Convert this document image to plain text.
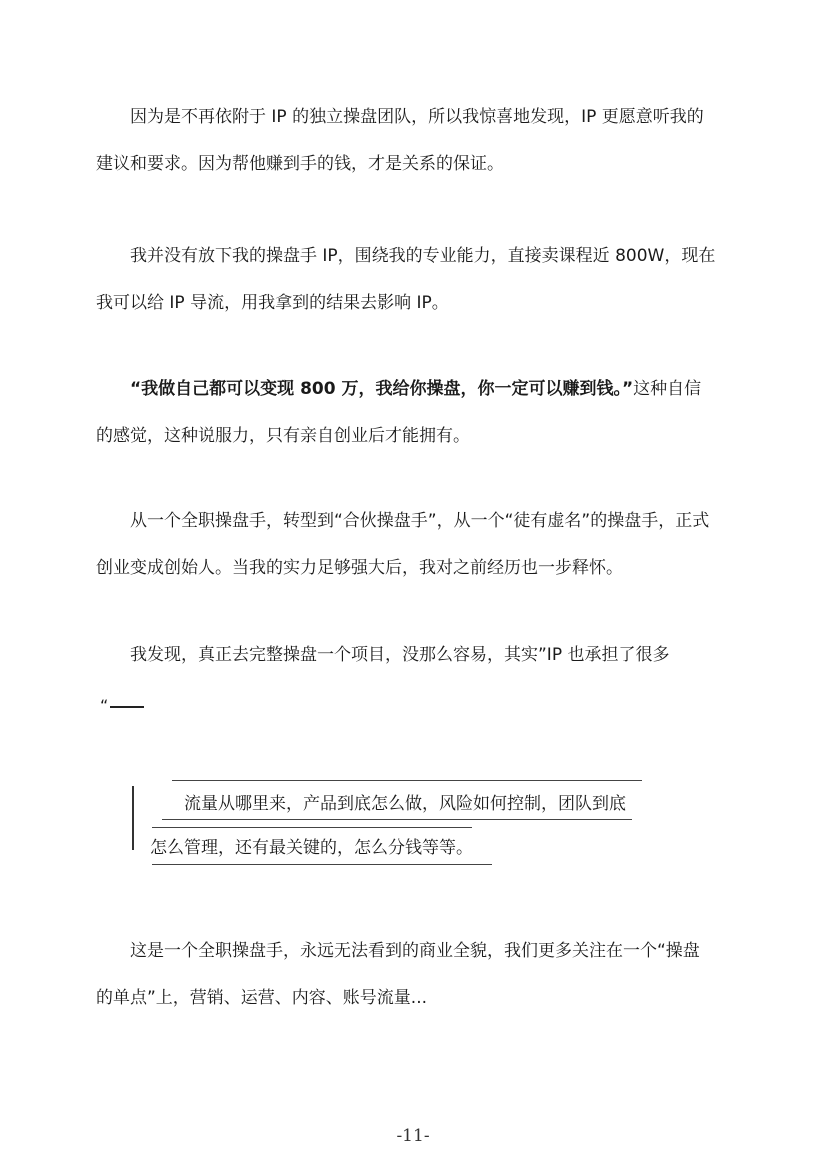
因为是不再依附于 IP 的独立操盘团队，所以我惊喜地发现，IP 更愿意听我的建议和要求。因为帮他赚到手的钱，才是关系的保证。

我并没有放下我的操盘手 IP，围绕我的专业能力，直接卖课程近 800W，现在我可以给 IP 导流，用我拿到的结果去影响 IP。

“我做自己都可以变现 800 万，我给你操盘，你一定可以赚到钱。”这种自信的感觉，这种说服力，只有亲自创业后才能拥有。

从一个全职操盘手，转型到“合伙操盘手”，从一个“徒有虚名”的操盘手，正式创业变成创始人。当我的实力足够强大后，我对之前经历也一步释怀。

我发现，真正去完整操盘一个项目，没那么容易，其实”IP 也承担了很多

“
流量从哪里来，产品到底怎么做，风险如何控制，团队到底
怎么管理，还有最关键的，怎么分钱等等。

这是一个全职操盘手，永远无法看到的商业全貌，我们更多关注在一个“操盘的单点”上，营销、运营、内容、账号流量...

-11-
